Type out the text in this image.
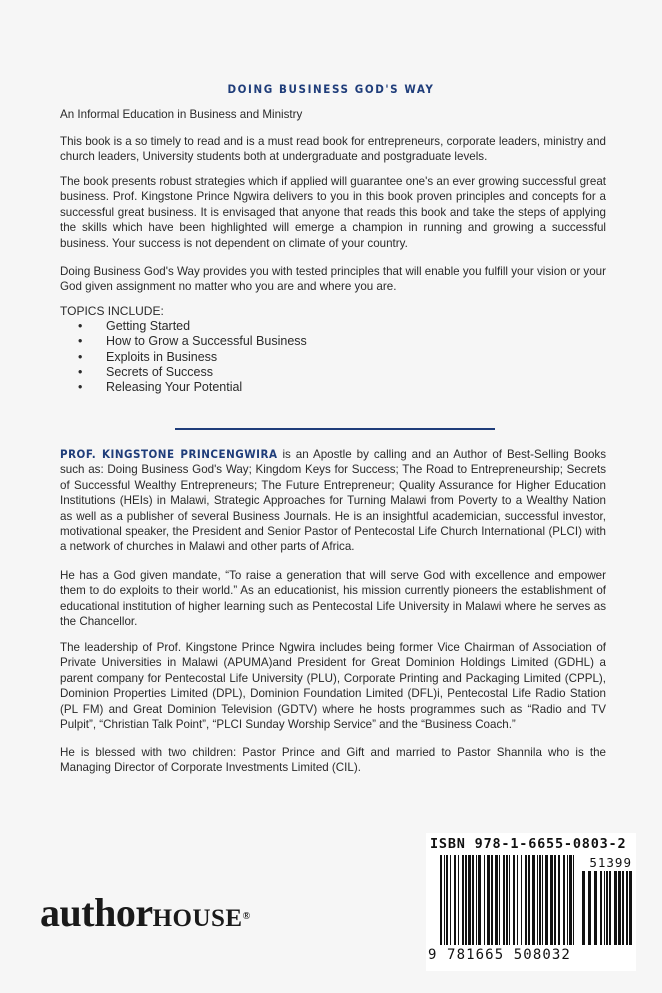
DOING BUSINESS GOD'S WAY
An Informal Education in Business and Ministry
This book is a so timely to read and is a must read book for entrepreneurs, corporate leaders, ministry and church leaders, University students both at undergraduate and postgraduate levels.
The book presents robust strategies which if applied will guarantee one's an ever growing successful great business. Prof. Kingstone Prince Ngwira delivers to you in this book proven principles and concepts for a successful great business. It is envisaged that anyone that reads this book and take the steps of applying the skills which have been highlighted will emerge a champion in running and growing a successful business. Your success is not dependent on climate of your country.
Doing Business God's Way provides you with tested principles that will enable you fulfill your vision or your God given assignment no matter who you are and where you are.
TOPICS INCLUDE:
• Getting Started
• How to Grow a Successful Business
• Exploits in Business
• Secrets of Success
• Releasing Your Potential
PROF. KINGSTONE PRINCENGWIRA is an Apostle by calling and an Author of Best-Selling Books such as: Doing Business God's Way; Kingdom Keys for Success; The Road to Entrepreneurship; Secrets of Successful Wealthy Entrepreneurs; The Future Entrepreneur; Quality Assurance for Higher Education Institutions (HEIs) in Malawi, Strategic Approaches for Turning Malawi from Poverty to a Wealthy Nation as well as a publisher of several Business Journals. He is an insightful academician, successful investor, motivational speaker, the President and Senior Pastor of Pentecostal Life Church International (PLCI) with a network of churches in Malawi and other parts of Africa.
He has a God given mandate, “To raise a generation that will serve God with excellence and empower them to do exploits to their world.” As an educationist, his mission currently pioneers the establishment of educational institution of higher learning such as Pentecostal Life University in Malawi where he serves as the Chancellor.
The leadership of Prof. Kingstone Prince Ngwira includes being former Vice Chairman of Association of Private Universities in Malawi (APUMA)and President for Great Dominion Holdings Limited (GDHL) a parent company for Pentecostal Life University (PLU), Corporate Printing and Packaging Limited (CPPL), Dominion Properties Limited (DPL), Dominion Foundation Limited (DFL)i, Pentecostal Life Radio Station (PL FM) and Great Dominion Television (GDTV) where he hosts programmes such as “Radio and TV Pulpit”, “Christian Talk Point”, “PLCI Sunday Worship Service” and the “Business Coach.”
He is blessed with two children: Pastor Prince and Gift and married to Pastor Shannila who is the Managing Director of Corporate Investments Limited (CIL).
authorHOUSE®
ISBN 978-1-6655-0803-2
51399
9 781665 508032
